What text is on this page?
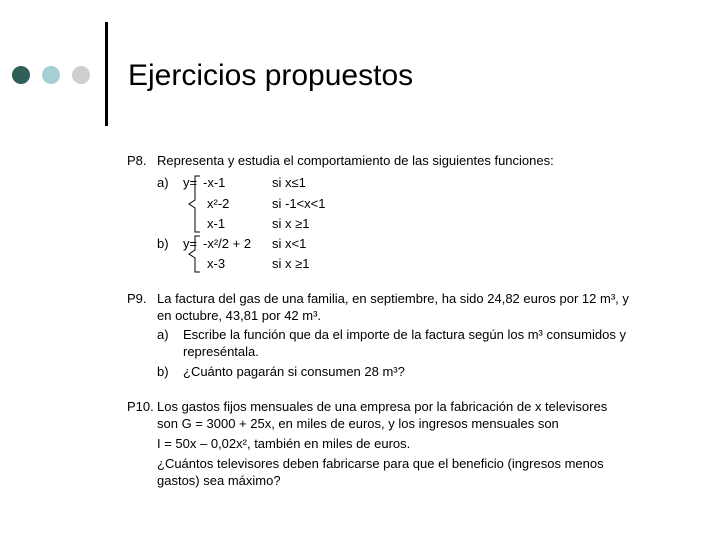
Ejercicios propuestos
P8. Representa y estudia el comportamiento de las siguientes funciones:
a) y= -x-1	si x≤1
x²-2	si -1<x<1
x-1	si x ≥1
b) y= -x²/2 + 2 si x<1
x-3	si x ≥1
P9. La factura del gas de una familia, en septiembre, ha sido 24,82 euros por 12 m³, y
en octubre, 43,81 por 42 m³.
a) Escribe la función que da el importe de la factura según los m³ consumidos y
represéntala.
b) ¿Cuánto pagarán si consumen 28 m³?
P10. Los gastos fijos mensuales de una empresa por la fabricación de x televisores
son G = 3000 + 25x, en miles de euros, y los ingresos mensuales son
I = 50x – 0,02x², también en miles de euros.
¿Cuántos televisores deben fabricarse para que el beneficio (ingresos menos
gastos) sea máximo?
